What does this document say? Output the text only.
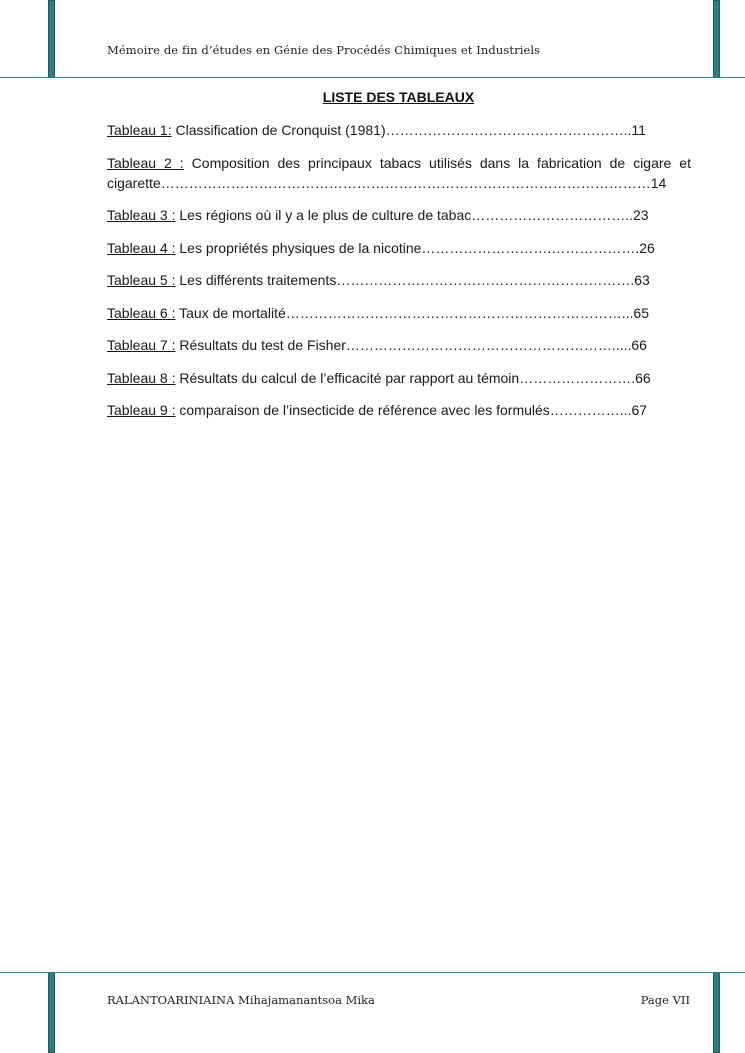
Mémoire de fin d’études en Génie des Procédés Chimiques et Industriels
LISTE DES TABLEAUX
Tableau 1: Classification de Cronquist (1981)……………………………………………..11
Tableau 2 : Composition des principaux tabacs utilisés dans la fabrication de cigare et cigarette……………………………………………………………………………………………14
Tableau 3 : Les régions où il y a le plus de culture de tabac……………………………..23
Tableau 4 : Les propriétés physiques de la nicotine……………………….……………….26
Tableau 5 : Les différents traitements……………………………………………………….63
Tableau 6 : Taux de mortalité………………………………………………………………...65
Tableau 7 : Résultats du test de Fisher………………………………………………….....66
Tableau 8 : Résultats du calcul de l’efficacité par rapport au témoin…………………….66
Tableau 9 : comparaison de l’insecticide de référence avec les formulés……………...67
RALANTOARINIAINA Mihajamanantsoa Mika	Page VII
